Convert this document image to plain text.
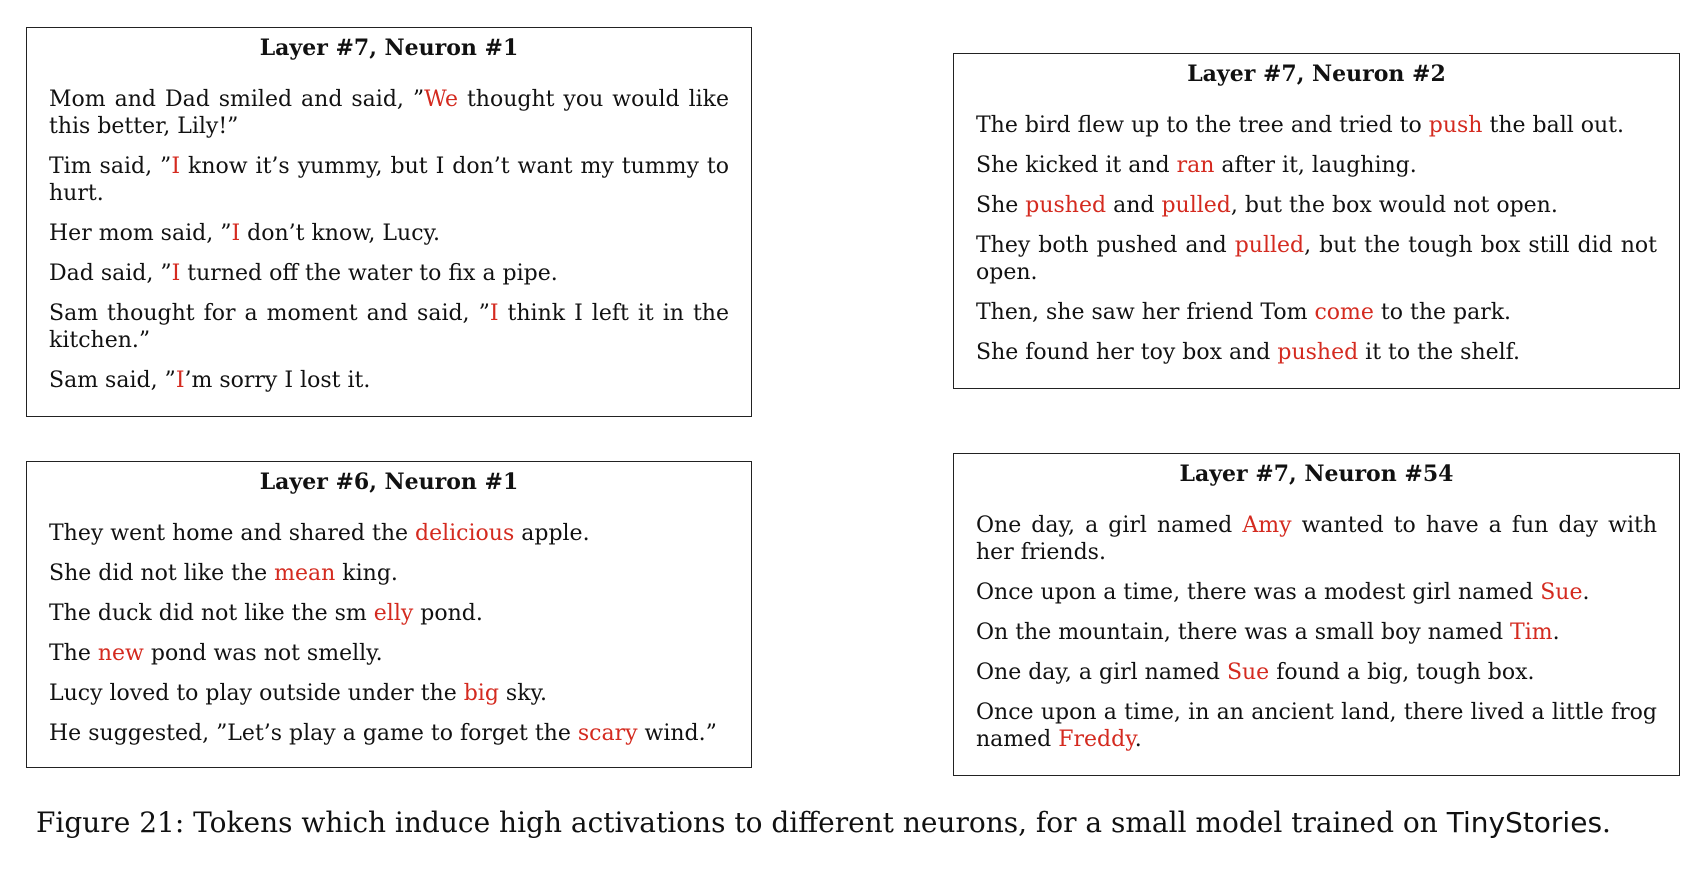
Layer #7, Neuron #1
Mom and Dad smiled and said, ”We thought you would like this better, Lily!”
Tim said, ”I know it’s yummy, but I don’t want my tummy to hurt.
Her mom said, ”I don’t know, Lucy.
Dad said, ”I turned off the water to fix a pipe.
Sam thought for a moment and said, ”I think I left it in the kitchen.”
Sam said, ”I’m sorry I lost it.
Layer #7, Neuron #2
The bird flew up to the tree and tried to push the ball out.
She kicked it and ran after it, laughing.
She pushed and pulled, but the box would not open.
They both pushed and pulled, but the tough box still did not open.
Then, she saw her friend Tom come to the park.
She found her toy box and pushed it to the shelf.
Layer #6, Neuron #1
They went home and shared the delicious apple.
She did not like the mean king.
The duck did not like the sm elly pond.
The new pond was not smelly.
Lucy loved to play outside under the big sky.
He suggested, ”Let’s play a game to forget the scary wind.”
Layer #7, Neuron #54
One day, a girl named Amy wanted to have a fun day with her friends.
Once upon a time, there was a modest girl named Sue.
On the mountain, there was a small boy named Tim.
One day, a girl named Sue found a big, tough box.
Once upon a time, in an ancient land, there lived a little frog named Freddy.
Figure 21: Tokens which induce high activations to different neurons, for a small model trained on TinyStories.
